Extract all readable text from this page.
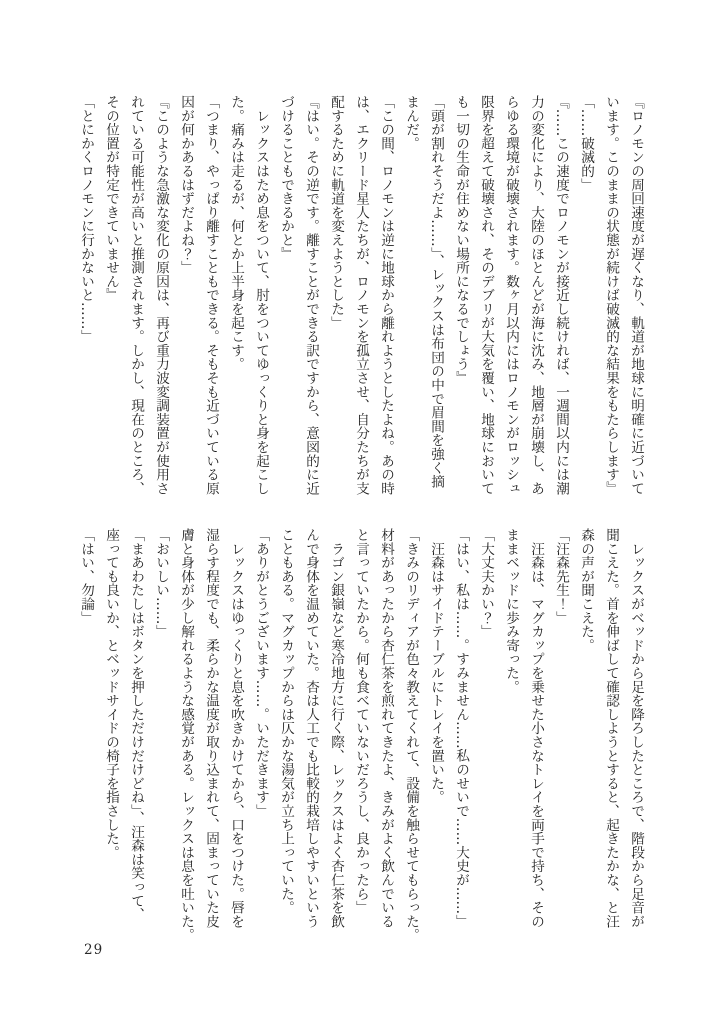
『ロノモンの周回速度が遅くなり、軌道が地球に明確に近づいて

います。このままの状態が続けば破滅的な結果をもたらします』

「……破滅的」

『……この速度でロノモンが接近し続ければ、一週間以内には潮

力の変化により、大陸のほとんどが海に沈み、地層が崩壊し、あ

らゆる環境が破壊されます。数ヶ月以内にはロノモンがロッシュ

限界を超えて破壊され、そのデブリが大気を覆い、地球において

も一切の生命が住めない場所になるでしょう』

「頭が割れそうだよ……」、レックスは布団の中で眉間を強く摘

まんだ。

「この間、ロノモンは逆に地球から離れようとしたよね。あの時

は、エクリード星人たちが、ロノモンを孤立させ、自分たちが支

配するために軌道を変えようとした」

『はい。その逆です。離すことができる訳ですから、意図的に近

づけることもできるかと』

　レックスはため息をついて、肘をついてゆっくりと身を起こし

た。痛みは走るが、何とか上半身を起こす。

「つまり、やっぱり離すこともできる。そもそも近づいている原

因が何かあるはずだよね？」

『このような急激な変化の原因は、再び重力波変調装置が使用さ

れている可能性が高いと推測されます。しかし、現在のところ、

その位置が特定できていません』

「とにかくロノモンに行かないと……」

　レックスがベッドから足を降ろしたところで、階段から足音が

聞こえた。首を伸ばして確認しようとすると、起きたかな、と汪

森の声が聞こえた。

「汪森先生！」

　汪森は、マグカップを乗せた小さなトレイを両手で持ち、その

ままベッドに歩み寄った。

「大丈夫かい？」

「はい、私は……。すみません……私のせいで……大史が……」

　汪森はサイドテーブルにトレイを置いた。

「きみのリディアが色々教えてくれて、設備を触らせてもらった。

材料があったから杏仁茶を煎れてきたよ、きみがよく飲んでいる

と言っていたから。何も食べていないだろうし、良かったら」

　ラゴン銀嶺など寒冷地方に行く際、レックスはよく杏仁茶を飲

んで身体を温めていた。杏は人工でも比較的栽培しやすいという

こともある。マグカップからは仄かな湯気が立ち上っていた。

「ありがとうございます……。いただきます」

　レックスはゆっくりと息を吹きかけてから、口をつけた。唇を

湿らす程度でも、柔らかな温度が取り込まれて、固まっていた皮

膚と身体が少し解れるような感覚がある。レックスは息を吐いた。

「おいしい……」

「まあわたしはボタンを押しただけだけどね」、汪森は笑って、

座っても良いか、とベッドサイドの椅子を指さした。

「はい、勿論」

29
